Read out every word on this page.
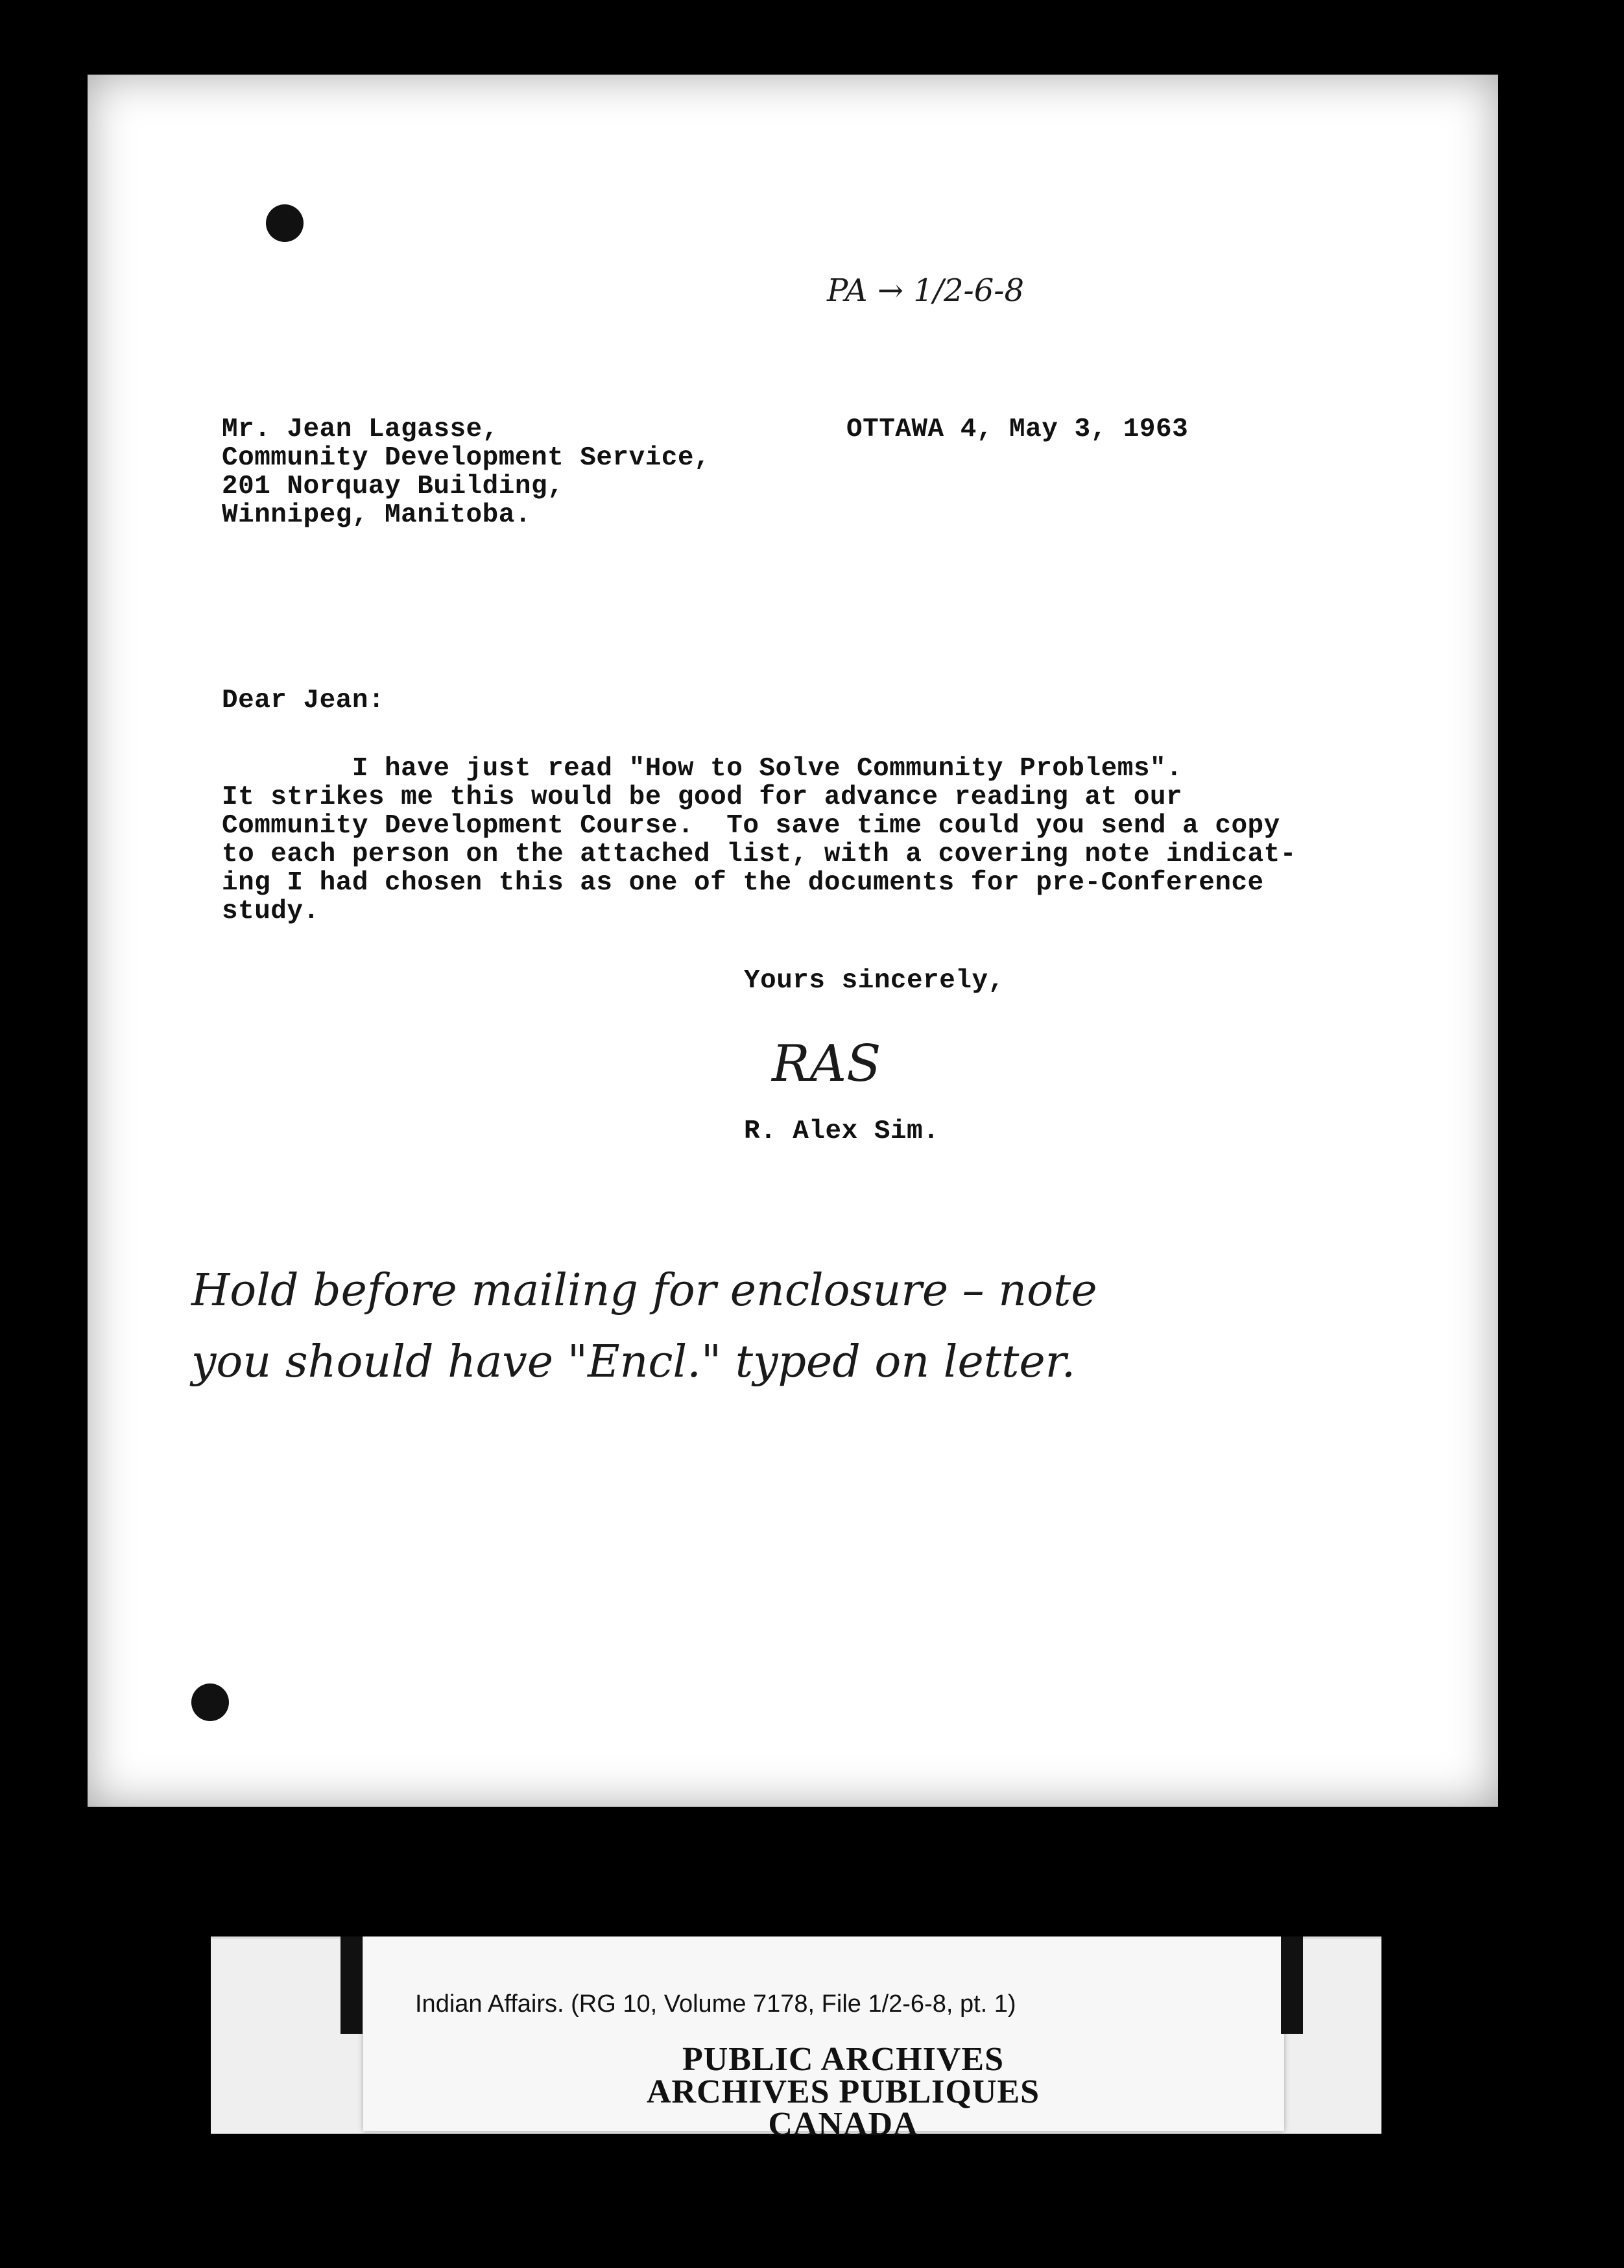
PA → 1/2-6-8
Mr. Jean Lagasse,
Community Development Service,
201 Norquay Building,
Winnipeg, Manitoba.
OTTAWA 4, May 3, 1963
Dear Jean:
I have just read "How to Solve Community Problems".
It strikes me this would be good for advance reading at our
Community Development Course.  To save time could you send a copy
to each person on the attached list, with a covering note indicat-
ing I had chosen this as one of the documents for pre-Conference
study.
Yours sincerely,
RAS
R. Alex Sim.
Hold before mailing for enclosure – note
you should have "Encl." typed on letter.
Indian Affairs. (RG 10, Volume 7178, File 1/2-6-8, pt. 1)
PUBLIC ARCHIVES
ARCHIVES PUBLIQUES
CANADA
